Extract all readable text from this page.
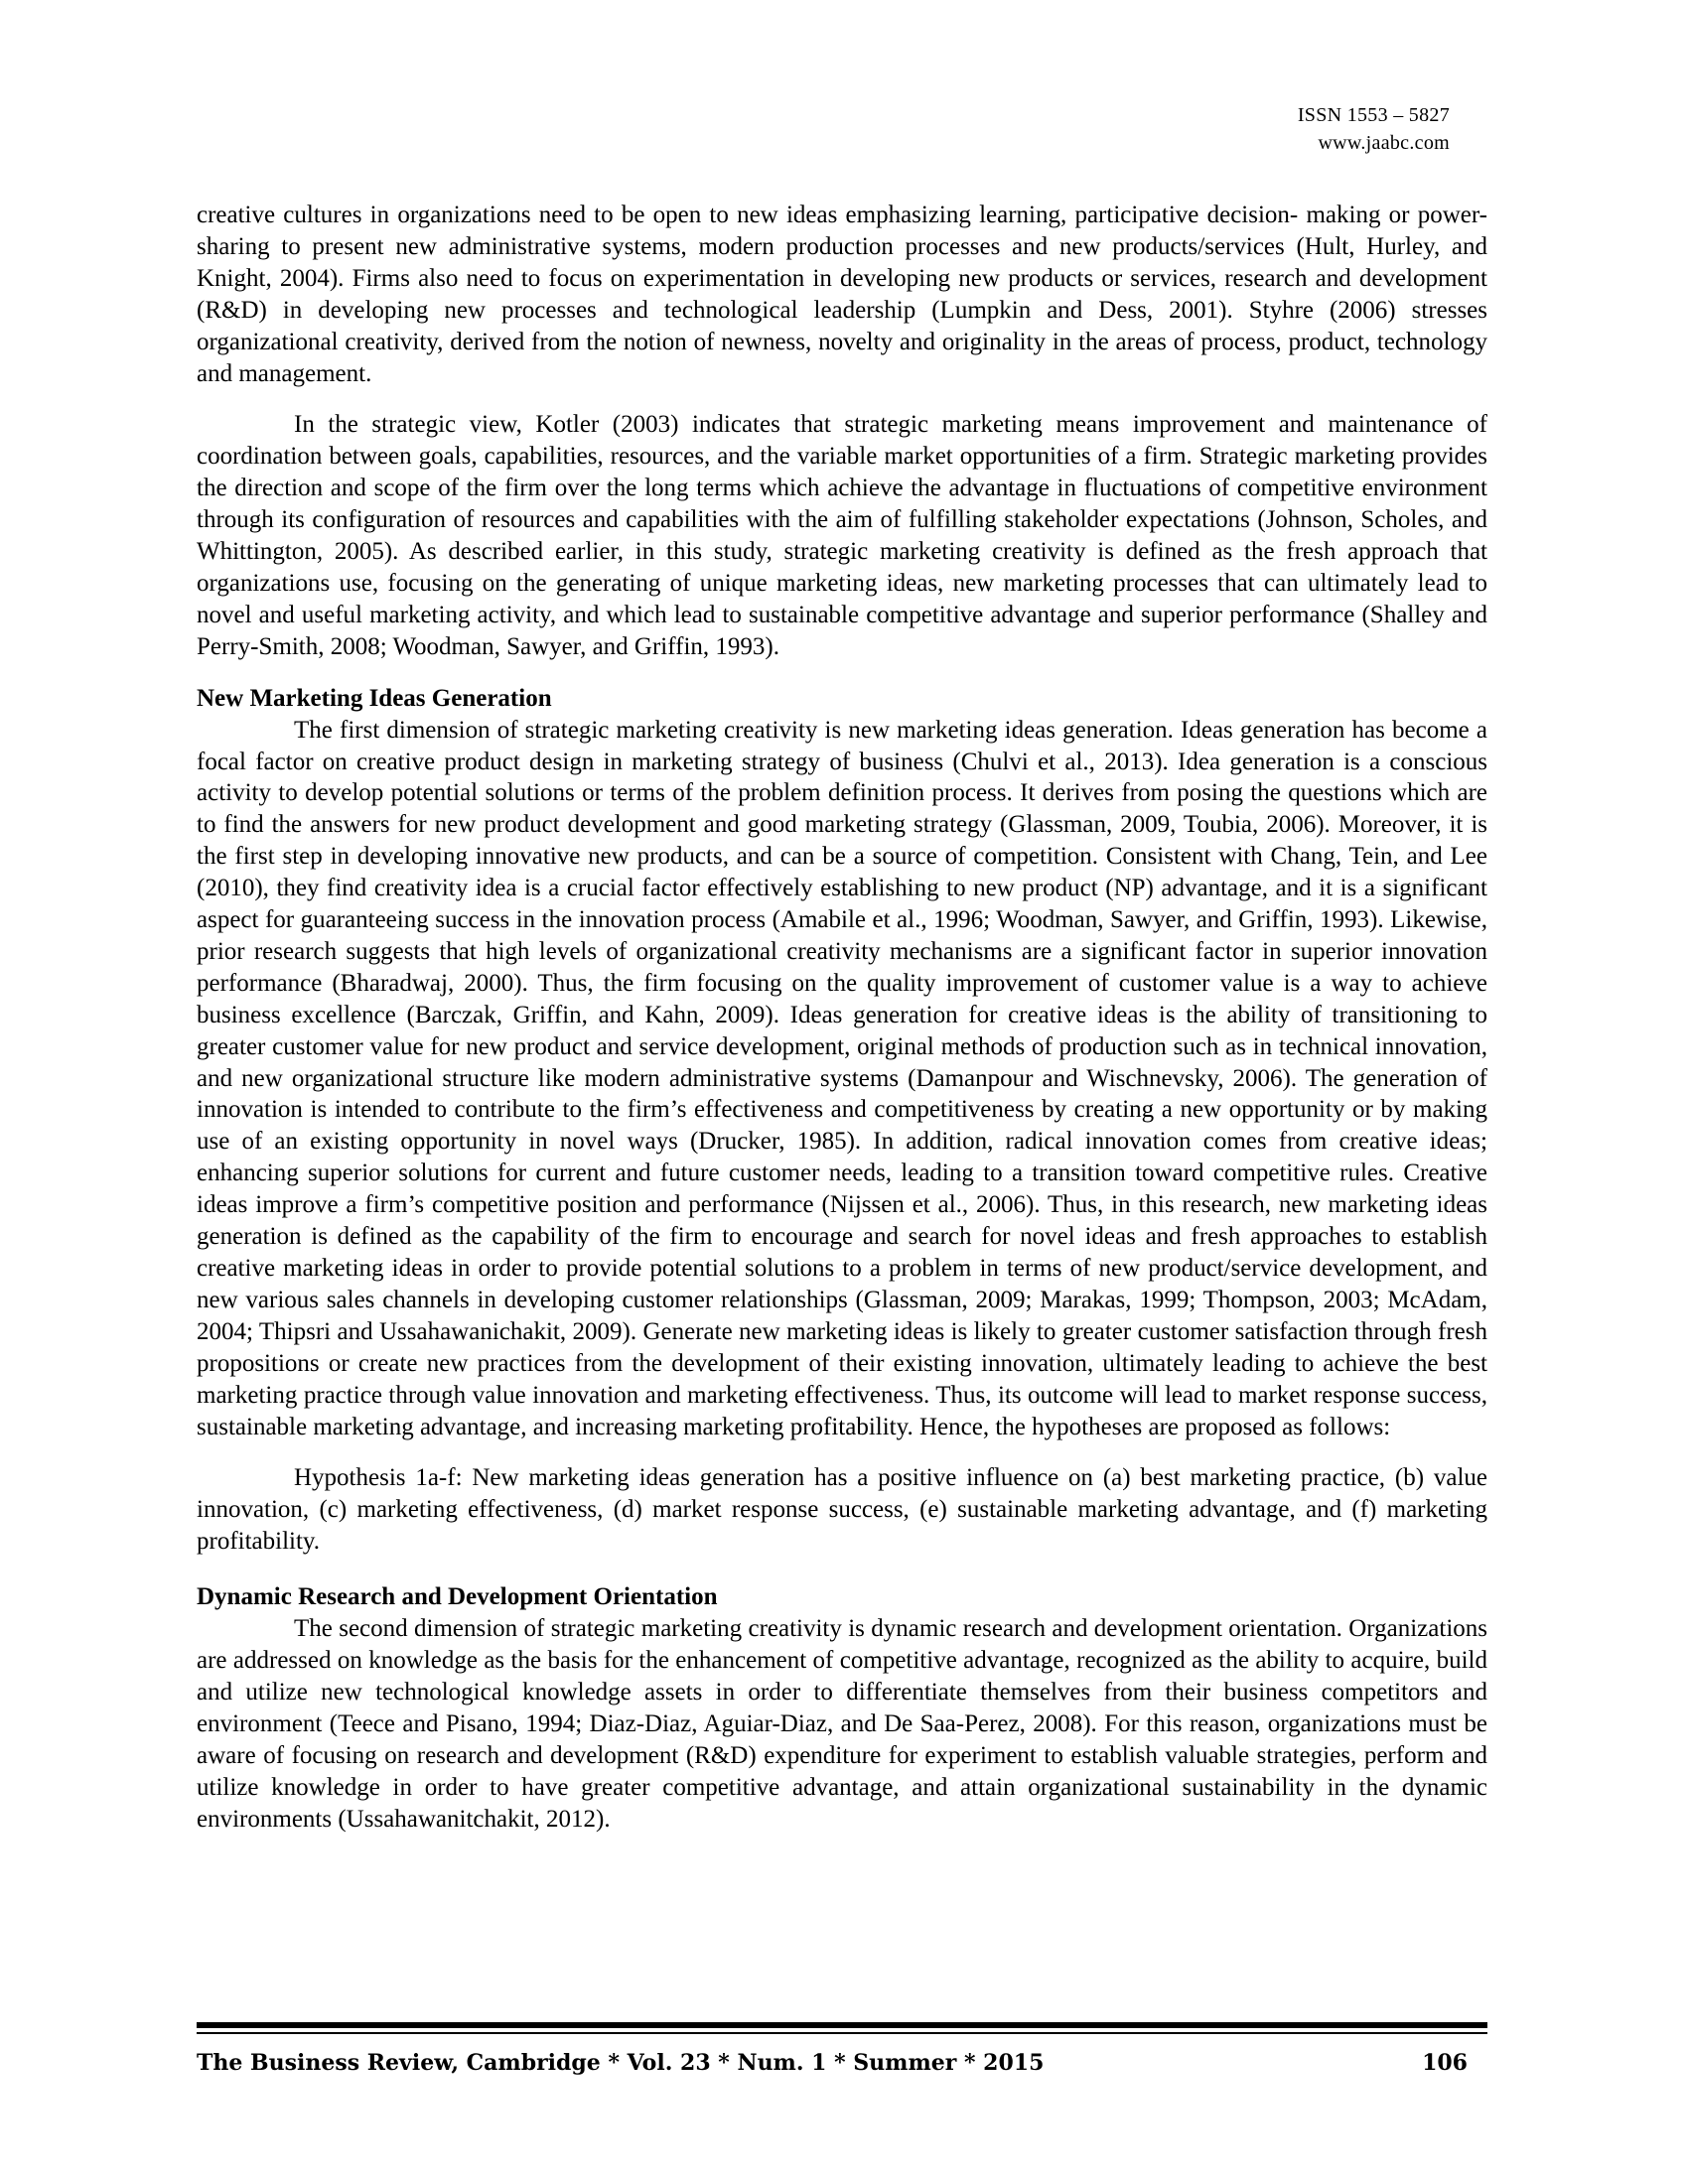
ISSN 1553 – 5827
www.jaabc.com

creative cultures in organizations need to be open to new ideas emphasizing learning, participative decision- making or power-sharing to present new administrative systems, modern production processes and new products/services (Hult, Hurley, and Knight, 2004). Firms also need to focus on experimentation in developing new products or services, research and development (R&D) in developing new processes and technological leadership (Lumpkin and Dess, 2001). Styhre (2006) stresses organizational creativity, derived from the notion of newness, novelty and originality in the areas of process, product, technology and management.

In the strategic view, Kotler (2003) indicates that strategic marketing means improvement and maintenance of coordination between goals, capabilities, resources, and the variable market opportunities of a firm. Strategic marketing provides the direction and scope of the firm over the long terms which achieve the advantage in fluctuations of competitive environment through its configuration of resources and capabilities with the aim of fulfilling stakeholder expectations (Johnson, Scholes, and Whittington, 2005). As described earlier, in this study, strategic marketing creativity is defined as the fresh approach that organizations use, focusing on the generating of unique marketing ideas, new marketing processes that can ultimately lead to novel and useful marketing activity, and which lead to sustainable competitive advantage and superior performance (Shalley and Perry-Smith, 2008; Woodman, Sawyer, and Griffin, 1993).

New Marketing Ideas Generation

The first dimension of strategic marketing creativity is new marketing ideas generation. Ideas generation has become a focal factor on creative product design in marketing strategy of business (Chulvi et al., 2013). Idea generation is a conscious activity to develop potential solutions or terms of the problem definition process. It derives from posing the questions which are to find the answers for new product development and good marketing strategy (Glassman, 2009, Toubia, 2006). Moreover, it is the first step in developing innovative new products, and can be a source of competition. Consistent with Chang, Tein, and Lee (2010), they find creativity idea is a crucial factor effectively establishing to new product (NP) advantage, and it is a significant aspect for guaranteeing success in the innovation process (Amabile et al., 1996; Woodman, Sawyer, and Griffin, 1993). Likewise, prior research suggests that high levels of organizational creativity mechanisms are a significant factor in superior innovation performance (Bharadwaj, 2000). Thus, the firm focusing on the quality improvement of customer value is a way to achieve business excellence (Barczak, Griffin, and Kahn, 2009). Ideas generation for creative ideas is the ability of transitioning to greater customer value for new product and service development, original methods of production such as in technical innovation, and new organizational structure like modern administrative systems (Damanpour and Wischnevsky, 2006). The generation of innovation is intended to contribute to the firm’s effectiveness and competitiveness by creating a new opportunity or by making use of an existing opportunity in novel ways (Drucker, 1985). In addition, radical innovation comes from creative ideas; enhancing superior solutions for current and future customer needs, leading to a transition toward competitive rules. Creative ideas improve a firm’s competitive position and performance (Nijssen et al., 2006). Thus, in this research, new marketing ideas generation is defined as the capability of the firm to encourage and search for novel ideas and fresh approaches to establish creative marketing ideas in order to provide potential solutions to a problem in terms of new product/service development, and new various sales channels in developing customer relationships (Glassman, 2009; Marakas, 1999; Thompson, 2003; McAdam, 2004; Thipsri and Ussahawanichakit, 2009). Generate new marketing ideas is likely to greater customer satisfaction through fresh propositions or create new practices from the development of their existing innovation, ultimately leading to achieve the best marketing practice through value innovation and marketing effectiveness. Thus, its outcome will lead to market response success, sustainable marketing advantage, and increasing marketing profitability. Hence, the hypotheses are proposed as follows:

Hypothesis 1a-f: New marketing ideas generation has a positive influence on (a) best marketing practice, (b) value innovation, (c) marketing effectiveness, (d) market response success, (e) sustainable marketing advantage, and (f) marketing profitability.

Dynamic Research and Development Orientation

The second dimension of strategic marketing creativity is dynamic research and development orientation. Organizations are addressed on knowledge as the basis for the enhancement of competitive advantage, recognized as the ability to acquire, build and utilize new technological knowledge assets in order to differentiate themselves from their business competitors and environment (Teece and Pisano, 1994; Diaz-Diaz, Aguiar-Diaz, and De Saa-Perez, 2008). For this reason, organizations must be aware of focusing on research and development (R&D) expenditure for experiment to establish valuable strategies, perform and utilize knowledge in order to have greater competitive advantage, and attain organizational sustainability in the dynamic environments (Ussahawanitchakit, 2012).

The Business Review, Cambridge * Vol. 23 * Num. 1 * Summer * 2015	106
